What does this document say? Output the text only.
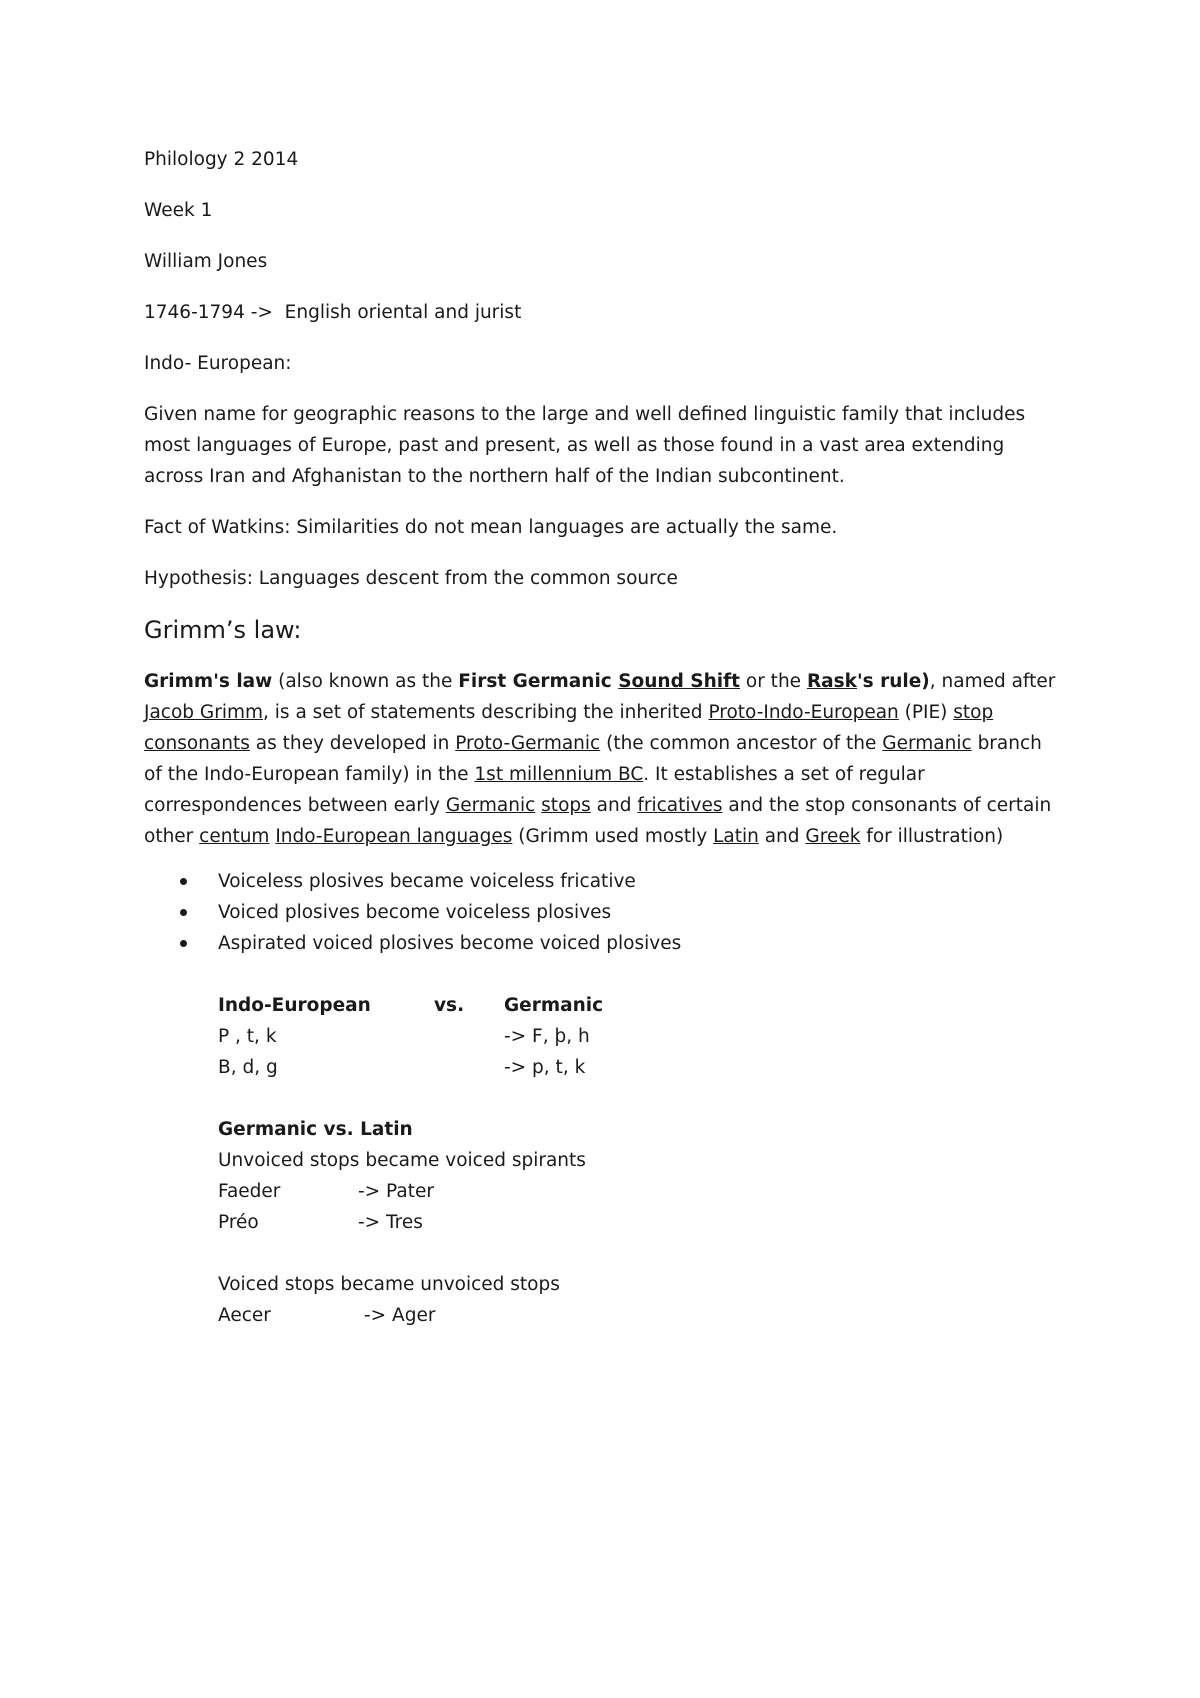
Philology 2 2014
Week 1
William Jones
1746-1794 -> English oriental and jurist
Indo- European:
Given name for geographic reasons to the large and well defined linguistic family that includes most languages of Europe, past and present, as well as those found in a vast area extending across Iran and Afghanistan to the northern half of the Indian subcontinent.
Fact of Watkins: Similarities do not mean languages are actually the same.
Hypothesis: Languages descent from the common source
Grimm’s law:
Grimm's law (also known as the First Germanic Sound Shift or the Rask's rule), named after Jacob Grimm, is a set of statements describing the inherited Proto-Indo-European (PIE) stop consonants as they developed in Proto-Germanic (the common ancestor of the Germanic branch of the Indo-European family) in the 1st millennium BC. It establishes a set of regular correspondences between early Germanic stops and fricatives and the stop consonants of certain other centum Indo-European languages (Grimm used mostly Latin and Greek for illustration)
Voiceless plosives became voiceless fricative
Voiced plosives become voiceless plosives
Aspirated voiced plosives become voiced plosives
Indo-European	vs. Germanic
P , t, k	-> F, þ, h
B, d, g	-> p, t, k
Germanic vs. Latin
Unvoiced stops became voiced spirants
Faeder	-> Pater
Préo	-> Tres
Voiced stops became unvoiced stops
Aecer	-> Ager
